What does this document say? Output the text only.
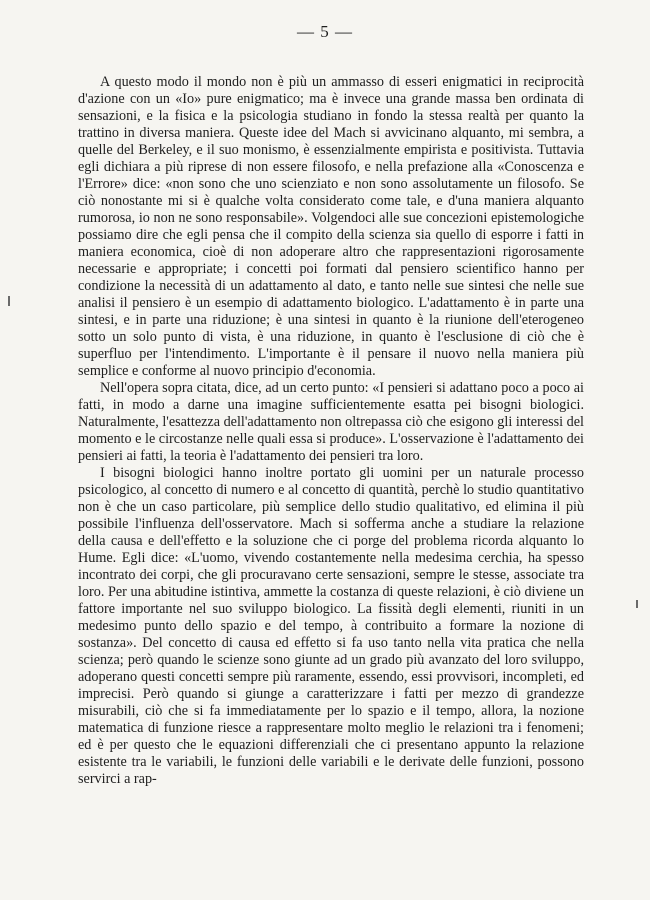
— 5 —

A questo modo il mondo non è più un ammasso di esseri enigmatici in reciprocità d'azione con un «Io» pure enigmatico; ma è invece una grande massa ben ordinata di sensazioni, e la fisica e la psicologia studiano in fondo la stessa realtà per quanto la trattino in diversa maniera. Queste idee del Mach si avvicinano alquanto, mi sembra, a quelle del Berkeley, e il suo monismo, è essenzialmente empirista e positivista. Tuttavia egli dichiara a più riprese di non essere filosofo, e nella prefazione alla «Conoscenza e l'Errore» dice: «non sono che uno scienziato e non sono assolutamente un filosofo. Se ciò nonostante mi si è qualche volta considerato come tale, e d'una maniera alquanto rumorosa, io non ne sono responsabile». Volgendoci alle sue concezioni epistemologiche possiamo dire che egli pensa che il compito della scienza sia quello di esporre i fatti in maniera economica, cioè di non adoperare altro che rappresentazioni rigorosamente necessarie e appropriate; i concetti poi formati dal pensiero scientifico hanno per condizione la necessità di un adattamento al dato, e tanto nelle sue sintesi che nelle sue analisi il pensiero è un esempio di adattamento biologico. L'adattamento è in parte una sintesi, e in parte una riduzione; è una sintesi in quanto è la riunione dell'eterogeneo sotto un solo punto di vista, è una riduzione, in quanto è l'esclusione di ciò che è superfluo per l'intendimento. L'importante è il pensare il nuovo nella maniera più semplice e conforme al nuovo principio d'economia.

Nell'opera sopra citata, dice, ad un certo punto: «I pensieri si adattano poco a poco ai fatti, in modo a darne una imagine sufficientemente esatta pei bisogni biologici. Naturalmente, l'esattezza dell'adattamento non oltrepassa ciò che esigono gli interessi del momento e le circostanze nelle quali essa si produce». L'osservazione è l'adattamento dei pensieri ai fatti, la teoria è l'adattamento dei pensieri tra loro.

I bisogni biologici hanno inoltre portato gli uomini per un naturale processo psicologico, al concetto di numero e al concetto di quantità, perchè lo studio quantitativo non è che un caso particolare, più semplice dello studio qualitativo, ed elimina il più possibile l'influenza dell'osservatore. Mach si sofferma anche a studiare la relazione della causa e dell'effetto e la soluzione che ci porge del problema ricorda alquanto lo Hume. Egli dice: «L'uomo, vivendo costantemente nella medesima cerchia, ha spesso incontrato dei corpi, che gli procuravano certe sensazioni, sempre le stesse, associate tra loro. Per una abitudine istintiva, ammette la costanza di queste relazioni, è ciò diviene un fattore importante nel suo sviluppo biologico. La fissità degli elementi, riuniti in un medesimo punto dello spazio e del tempo, à contribuito a formare la nozione di sostanza». Del concetto di causa ed effetto si fa uso tanto nella vita pratica che nella scienza; però quando le scienze sono giunte ad un grado più avanzato del loro sviluppo, adoperano questi concetti sempre più raramente, essendo, essi provvisori, incompleti, ed imprecisi. Però quando si giunge a caratterizzare i fatti per mezzo di grandezze misurabili, ciò che si fa immediatamente per lo spazio e il tempo, allora, la nozione matematica di funzione riesce a rappresentare molto meglio le relazioni tra i fenomeni; ed è per questo che le equazioni differenziali che ci presentano appunto la relazione esistente tra le variabili, le funzioni delle variabili e le derivate delle funzioni, possono servirci a rap-
